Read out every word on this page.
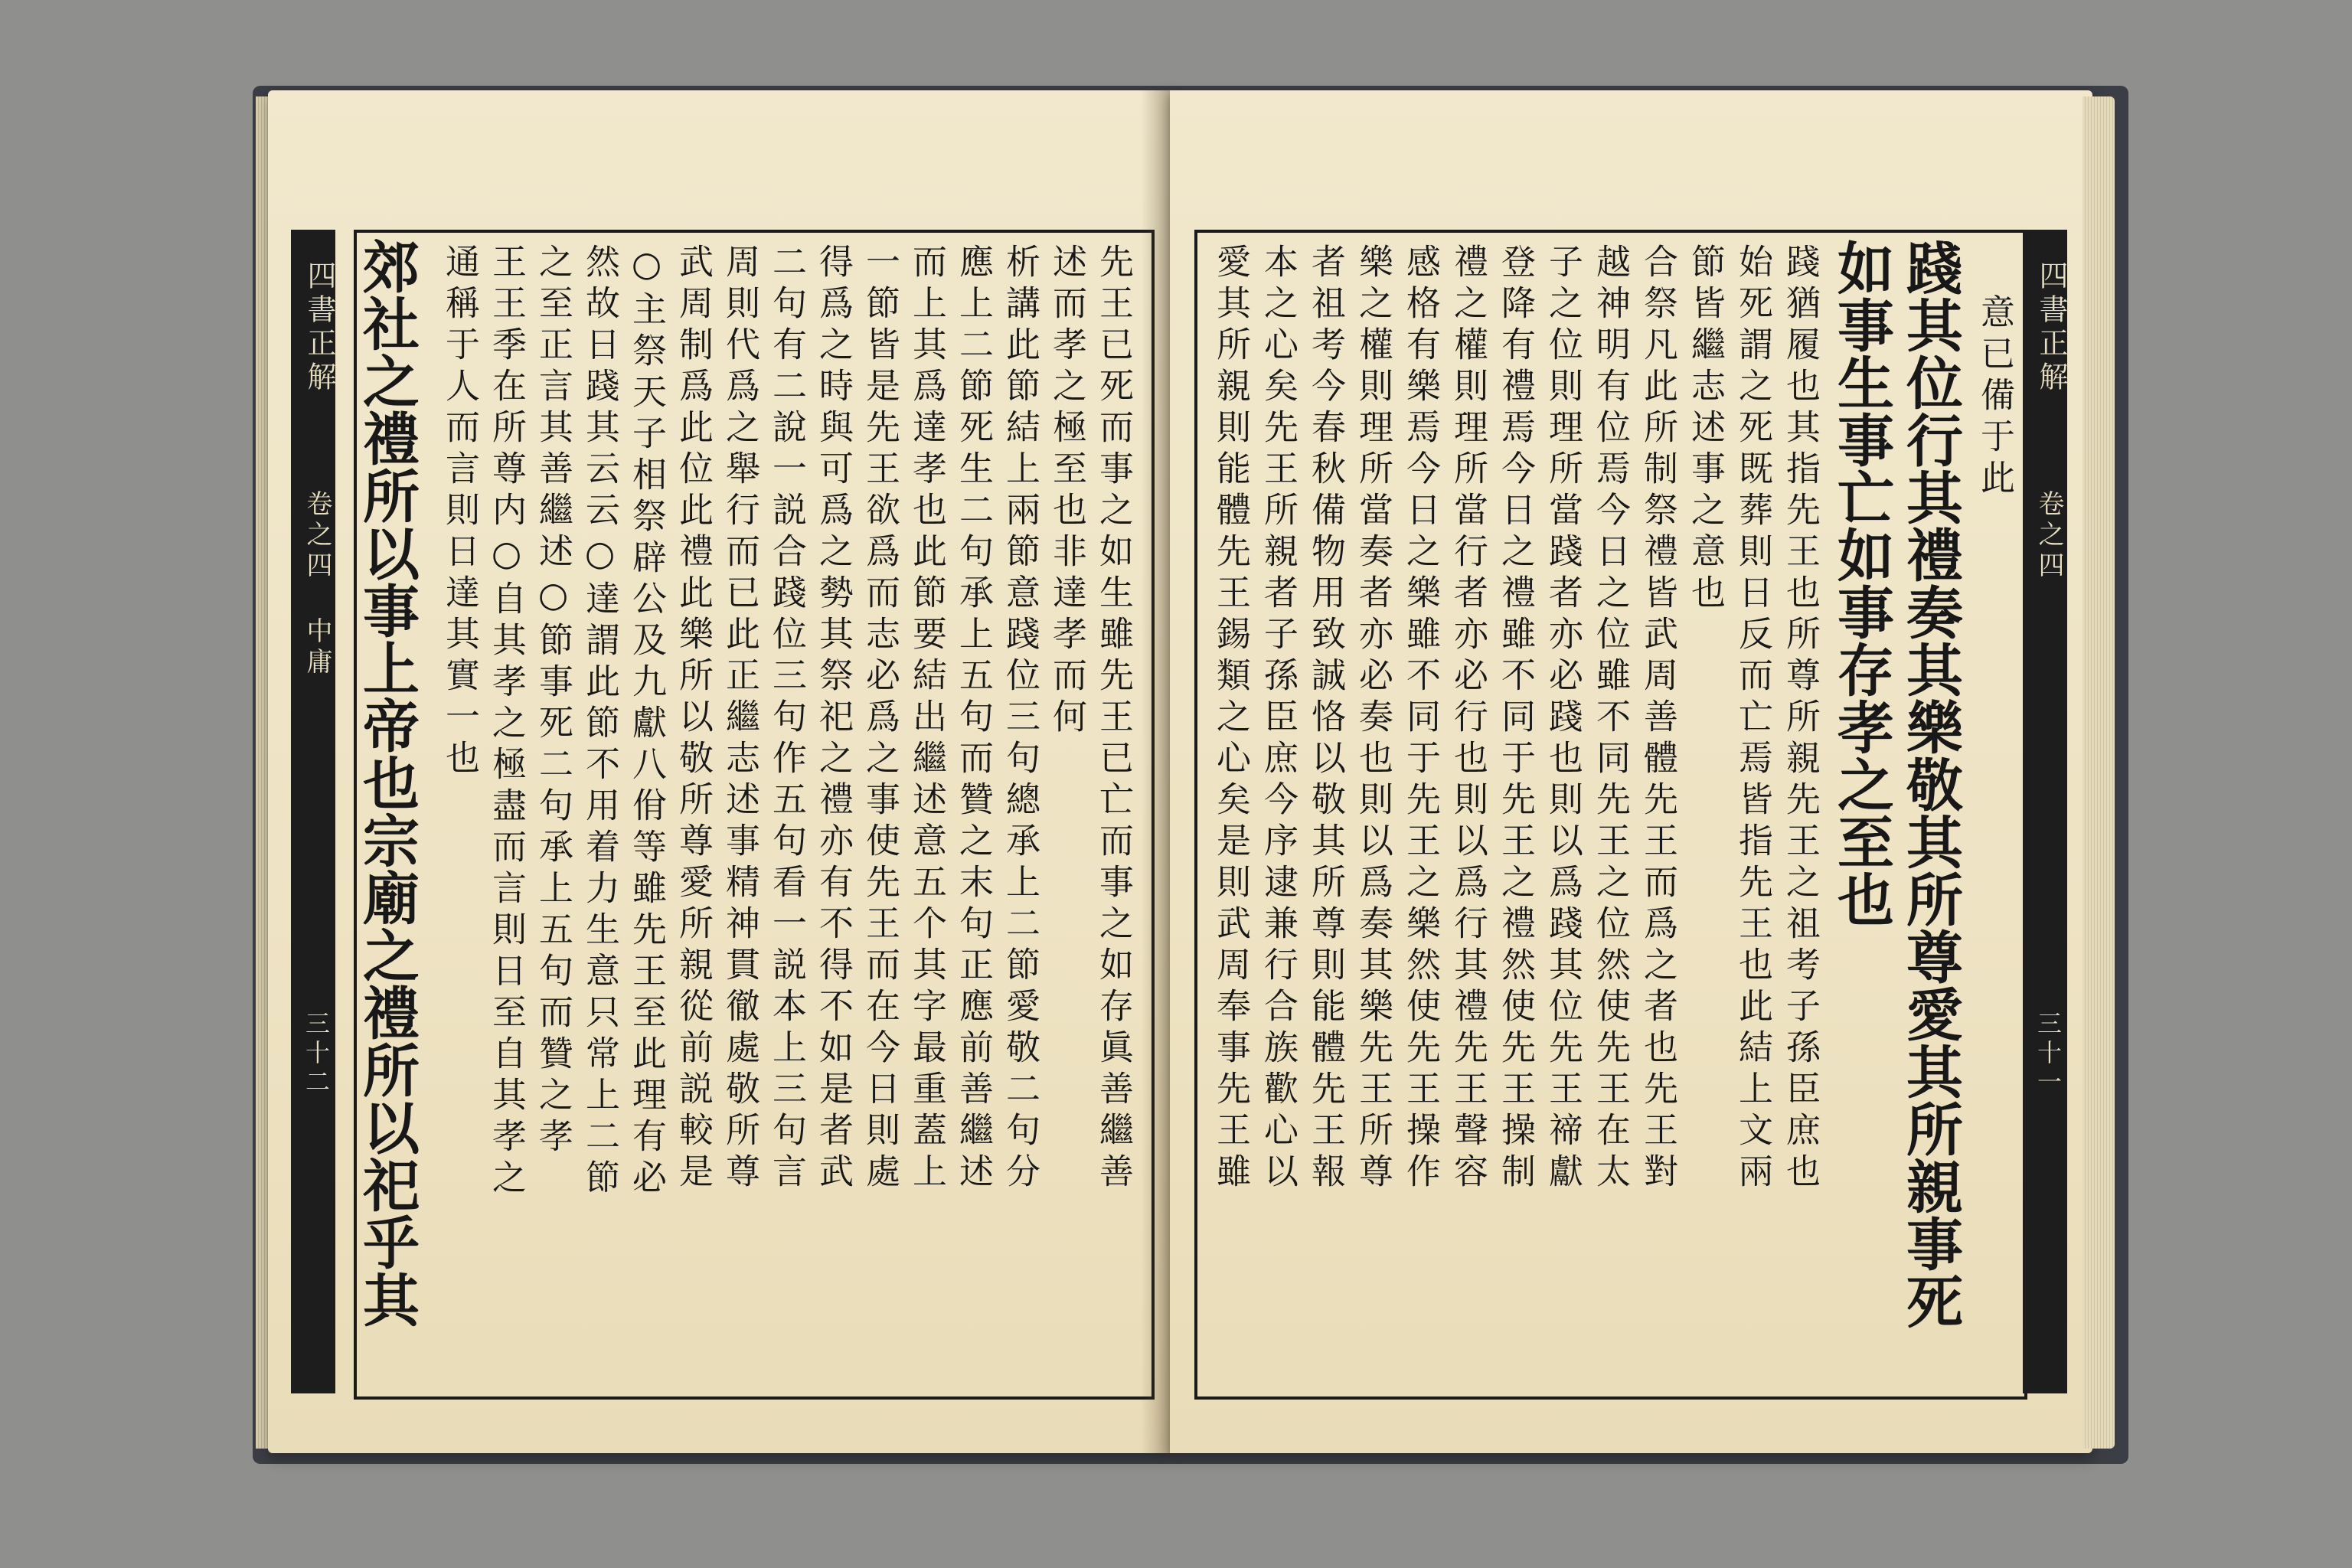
四書正解
卷之四 中庸
三十二 郊社之禮所以事上帝也宗廟之禮所以祀乎其 通稱于人而言則日達其實一也 王王季在所尊内○自其孝之極盡而言則日至自其孝之 之至正言其善繼述○節事死二句承上五句而贊之孝 然故日踐其云云○達謂此節不用着力生意只常上二節 ○主祭天子相祭辟公及九獻八佾等雖先王至此理有必 武周制爲此位此禮此樂所以敬所尊愛所親從前説較是 周則代爲之舉行而已此正繼志述事精神貫徹處敬所尊 二句有二說一説合踐位三句作五句看一説本上三句言 得爲之時與可爲之勢其祭祀之禮亦有不得不如是者武 一節皆是先王欲爲而志必爲之事使先王而在今日則處 而上其爲達孝也此節要結出繼述意五个其字最重蓋上 應上二節死生二句承上五句而贊之末句正應前善繼述 析講此節結上兩節意踐位三句總承上二節愛敬二句分 述而孝之極至也非達孝而何 先王已死而事之如生雖先王已亡而事之如存眞善繼善	意已備于此
踐其位行其禮奏其樂敬其所尊愛其所親事死
如事生事亡如事存孝之至也
踐猶履也其指先王也所尊所親先王之祖考子孫臣庶也
始死謂之死既葬則日反而亡焉皆指先王也此結上文兩
節皆繼志述事之意也
合祭凡此所制祭禮皆武周善體先王而爲之者也先王對
越神明有位焉今日之位雖不同先王之位然使先王在太
子之位則理所當踐者亦必踐也則以爲踐其位先王禘獻
登降有禮焉今日之禮雖不同于先王之禮然使先王操制
禮之權則理所當行者亦必行也則以爲行其禮先王聲容
感格有樂焉今日之樂雖不同于先王之樂然使先王操作
樂之權則理所當奏者亦必奏也則以爲奏其樂先王所尊
者祖考今春秋備物用致誠恪以敬其所尊則能體先王報
本之心矣先王所親者子孫臣庶今序逮兼行合族歡心以
愛其所親則能體先王錫類之心矣是則武周奉事先王雖	四書正解
卷之四
三十一
